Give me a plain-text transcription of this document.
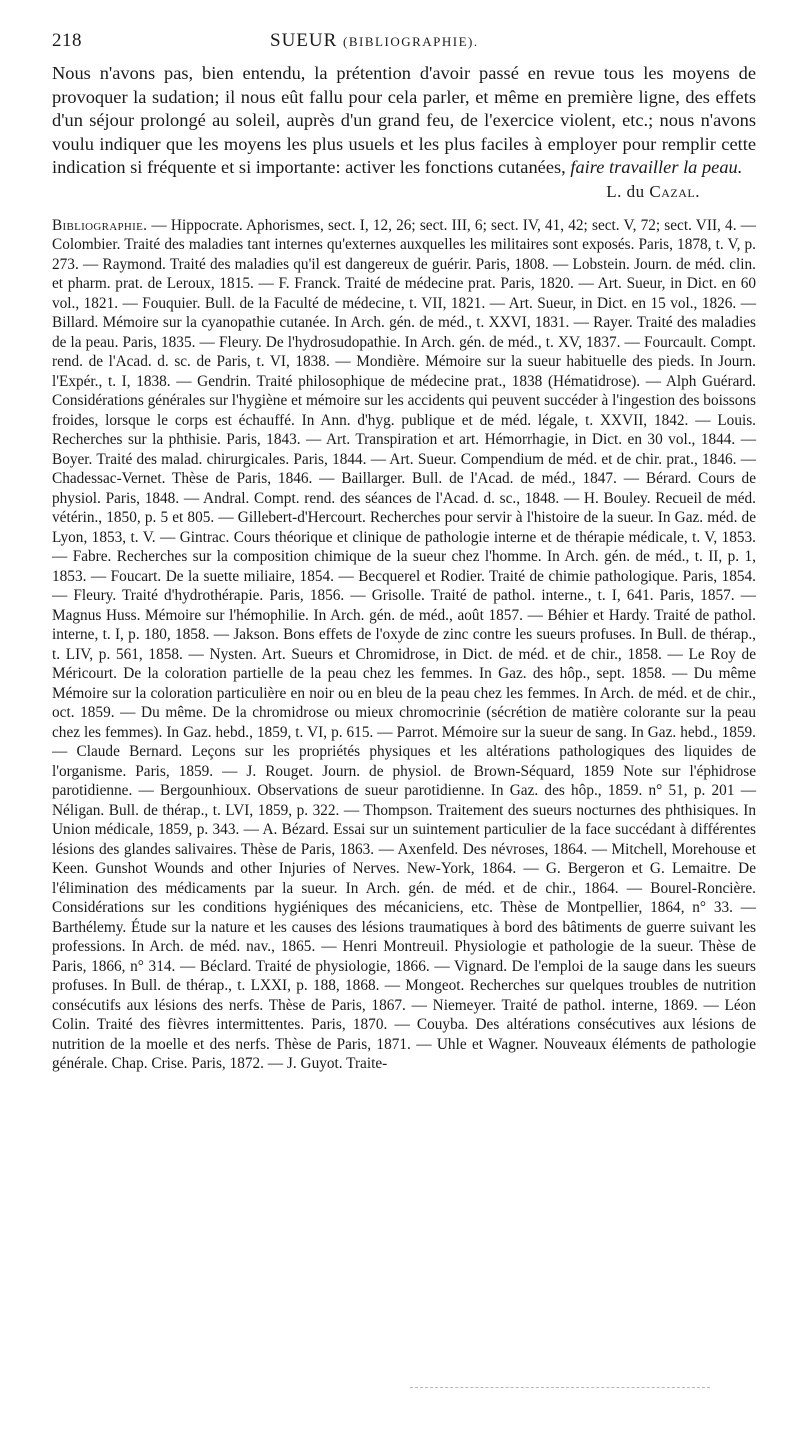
218	SUEUR (BIBLIOGRAPHIE).

Nous n'avons pas, bien entendu, la prétention d'avoir passé en revue tous les moyens de provoquer la sudation; il nous eût fallu pour cela parler, et même en première ligne, des effets d'un séjour prolongé au soleil, auprès d'un grand feu, de l'exercice violent, etc.; nous n'avons voulu indiquer que les moyens les plus usuels et les plus faciles à employer pour remplir cette indication si fréquente et si importante: activer les fonctions cutanées, faire travailler la peau.

L. du Cazal.
Bibliographie. — Hippocrate. Aphorismes, sect. I, 12, 26; sect. III, 6; sect. IV, 41, 42; sect. V, 72; sect. VII, 4. — Colombier. Traité des maladies tant internes qu'externes auxquelles les militaires sont exposés. Paris, 1878, t. V, p. 273. — Raymond. Traité des maladies qu'il est dangereux de guérir. Paris, 1808. — Lobstein. Journ. de méd. clin. et pharm. prat. de Leroux, 1815. — F. Franck. Traité de médecine prat. Paris, 1820. — Art. Sueur, in Dict. en 60 vol., 1821. — Fouquier. Bull. de la Faculté de médecine, t. VII, 1821. — Art. Sueur, in Dict. en 15 vol., 1826. — Billard. Mémoire sur la cyanopathie cutanée. In Arch. gén. de méd., t. XXVI, 1831. — Rayer. Traité des maladies de la peau. Paris, 1835. — Fleury. De l'hydrosudopathie. In Arch. gén. de méd., t. XV, 1837. — Fourcault. Compt. rend. de l'Acad. d. sc. de Paris, t. VI, 1838. — Mondière. Mémoire sur la sueur habituelle des pieds. In Journ. l'Expér., t. I, 1838. — Gendrin. Traité philosophique de médecine prat., 1838 (Hématidrose). — Alph Guérard. Considérations générales sur l'hygiène et mémoire sur les accidents qui peuvent succéder à l'ingestion des boissons froides, lorsque le corps est échauffé. In Ann. d'hyg. publique et de méd. légale, t. XXVII, 1842. — Louis. Recherches sur la phthisie. Paris, 1843. — Art. Transpiration et art. Hémorrhagie, in Dict. en 30 vol., 1844. — Boyer. Traité des malad. chirurgicales. Paris, 1844. — Art. Sueur. Compendium de méd. et de chir. prat., 1846. — Chadessac-Vernet. Thèse de Paris, 1846. — Baillarger. Bull. de l'Acad. de méd., 1847. — Bérard. Cours de physiol. Paris, 1848. — Andral. Compt. rend. des séances de l'Acad. d. sc., 1848. — H. Bouley. Recueil de méd. vétérin., 1850, p. 5 et 805. — Gillebert-d'Hercourt. Recherches pour servir à l'histoire de la sueur. In Gaz. méd. de Lyon, 1853, t. V. — Gintrac. Cours théorique et clinique de pathologie interne et de thérapie médicale, t. V, 1853. — Fabre. Recherches sur la composition chimique de la sueur chez l'homme. In Arch. gén. de méd., t. II, p. 1, 1853. — Foucart. De la suette miliaire, 1854. — Becquerel et Rodier. Traité de chimie pathologique. Paris, 1854. — Fleury. Traité d'hydrothérapie. Paris, 1856. — Grisolle. Traité de pathol. interne., t. I, 641. Paris, 1857. — Magnus Huss. Mémoire sur l'hémophilie. In Arch. gén. de méd., août 1857. — Béhier et Hardy. Traité de pathol. interne, t. I, p. 180, 1858. — Jakson. Bons effets de l'oxyde de zinc contre les sueurs profuses. In Bull. de thérap., t. LIV, p. 561, 1858. — Nysten. Art. Sueurs et Chromidrose, in Dict. de méd. et de chir., 1858. — Le Roy de Méricourt. De la coloration partielle de la peau chez les femmes. In Gaz. des hôp., sept. 1858. — Du même Mémoire sur la coloration particulière en noir ou en bleu de la peau chez les femmes. In Arch. de méd. et de chir., oct. 1859. — Du même. De la chromidrose ou mieux chromocrinie (sécrétion de matière colorante sur la peau chez les femmes). In Gaz. hebd., 1859, t. VI, p. 615. — Parrot. Mémoire sur la sueur de sang. In Gaz. hebd., 1859. — Claude Bernard. Leçons sur les propriétés physiques et les altérations pathologiques des liquides de l'organisme. Paris, 1859. — J. Rouget. Journ. de physiol. de Brown-Séquard, 1859 Note sur l'éphidrose parotidienne. — Bergounhioux. Observations de sueur parotidienne. In Gaz. des hôp., 1859. n° 51, p. 201 — Néligan. Bull. de thérap., t. LVI, 1859, p. 322. — Thompson. Traitement des sueurs nocturnes des phthisiques. In Union médicale, 1859, p. 343. — A. Bézard. Essai sur un suintement particulier de la face succédant à différentes lésions des glandes salivaires. Thèse de Paris, 1863. — Axenfeld. Des névroses, 1864. — Mitchell, Morehouse et Keen. Gunshot Wounds and other Injuries of Nerves. New-York, 1864. — G. Bergeron et G. Lemaitre. De l'élimination des médicaments par la sueur. In Arch. gén. de méd. et de chir., 1864. — Bourel-Roncière. Considérations sur les conditions hygiéniques des mécaniciens, etc. Thèse de Montpellier, 1864, n° 33. — Barthélemy. Étude sur la nature et les causes des lésions traumatiques à bord des bâtiments de guerre suivant les professions. In Arch. de méd. nav., 1865. — Henri Montreuil. Physiologie et pathologie de la sueur. Thèse de Paris, 1866, n° 314. — Béclard. Traité de physiologie, 1866. — Vignard. De l'emploi de la sauge dans les sueurs profuses. In Bull. de thérap., t. LXXI, p. 188, 1868. — Mongeot. Recherches sur quelques troubles de nutrition consécutifs aux lésions des nerfs. Thèse de Paris, 1867. — Niemeyer. Traité de pathol. interne, 1869. — Léon Colin. Traité des fièvres intermittentes. Paris, 1870. — Couyba. Des altérations consécutives aux lésions de nutrition de la moelle et des nerfs. Thèse de Paris, 1871. — Uhle et Wagner. Nouveaux éléments de pathologie générale. Chap. Crise. Paris, 1872. — J. Guyot. Traite-
